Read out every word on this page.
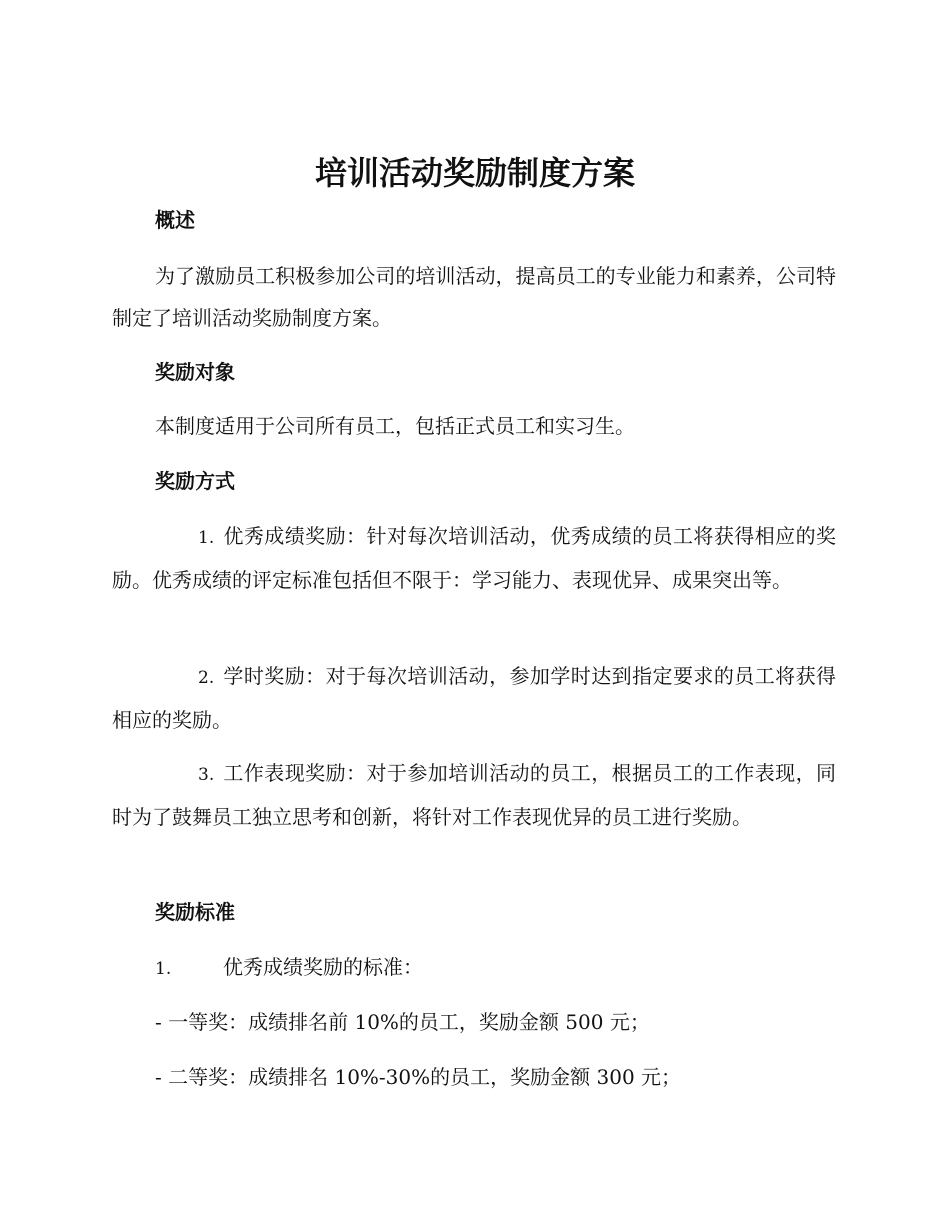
培训活动奖励制度方案
概述
为了激励员工积极参加公司的培训活动，提高员工的专业能力和素养，公司特制定了培训活动奖励制度方案。
奖励对象
本制度适用于公司所有员工，包括正式员工和实习生。
奖励方式
1. 优秀成绩奖励：针对每次培训活动，优秀成绩的员工将获得相应的奖励。优秀成绩的评定标准包括但不限于：学习能力、表现优异、成果突出等。
2. 学时奖励：对于每次培训活动，参加学时达到指定要求的员工将获得相应的奖励。
3. 工作表现奖励：对于参加培训活动的员工，根据员工的工作表现，同时为了鼓舞员工独立思考和创新，将针对工作表现优异的员工进行奖励。
奖励标准
1.	优秀成绩奖励的标准：
- 一等奖：成绩排名前 10%的员工，奖励金额 500 元；
- 二等奖：成绩排名 10%-30%的员工，奖励金额 300 元；
